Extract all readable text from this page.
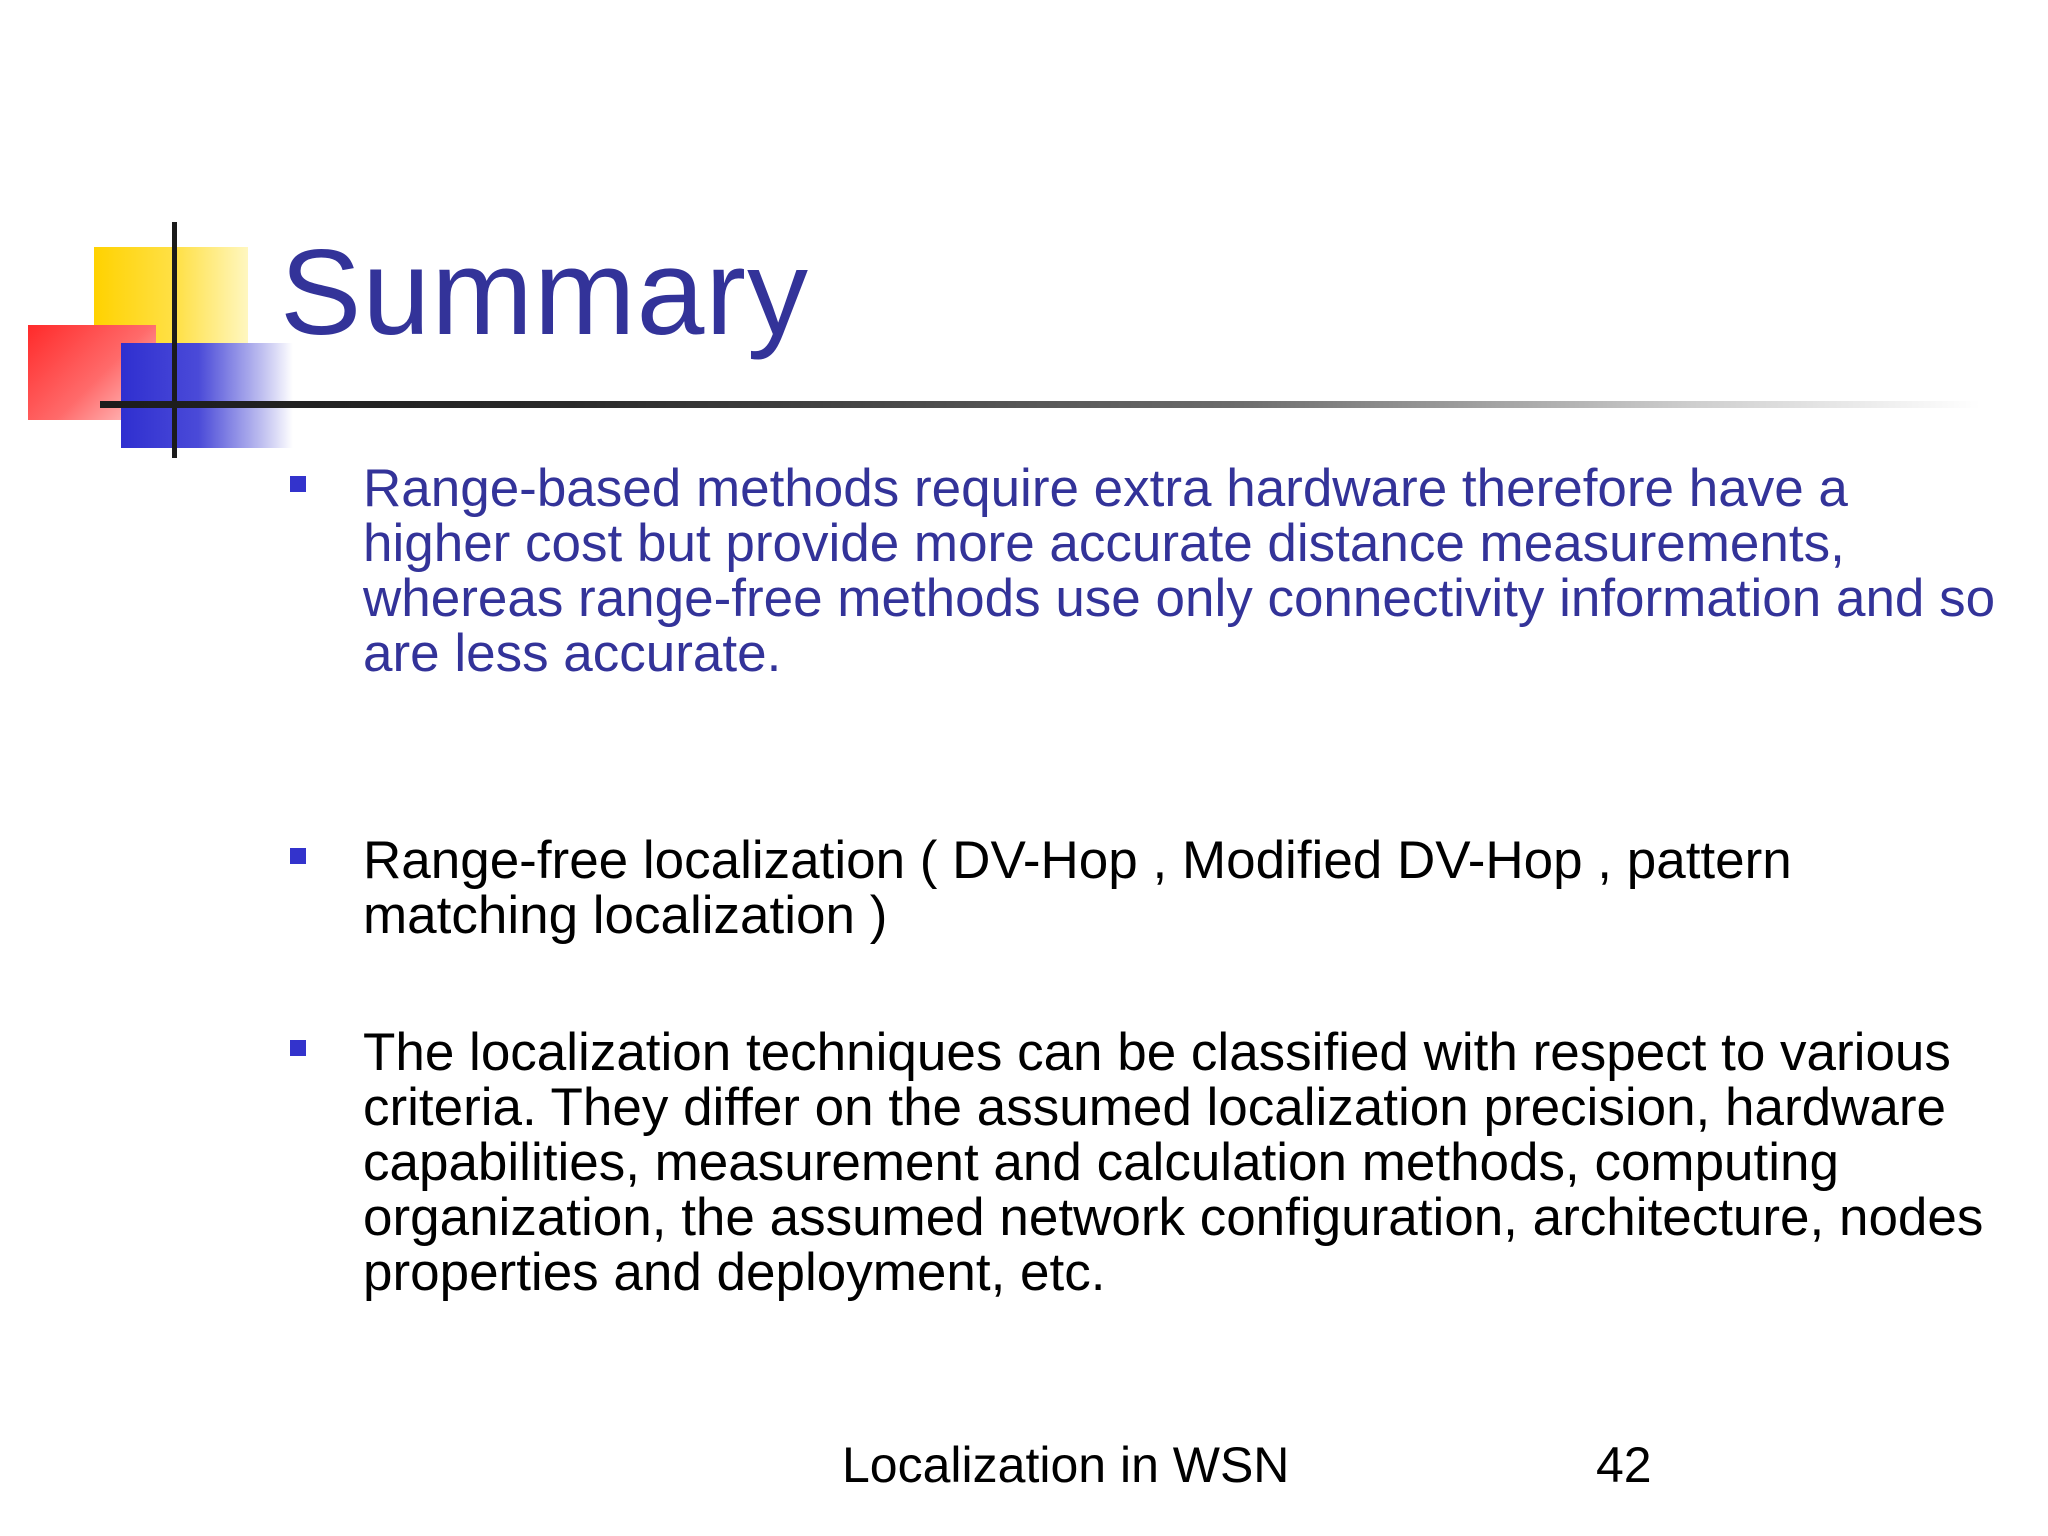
Summary
Range-based methods require extra hardware therefore have a higher cost but provide more accurate distance measurements, whereas range-free methods use only connectivity information and so are less accurate.
Range-free localization ( DV-Hop , Modified DV-Hop , pattern matching localization )
The localization techniques can be classified with respect to various criteria. They differ on the assumed localization precision, hardware capabilities, measurement and calculation methods, computing organization, the assumed network configuration, architecture, nodes properties and deployment, etc.
Localization in WSN	42
